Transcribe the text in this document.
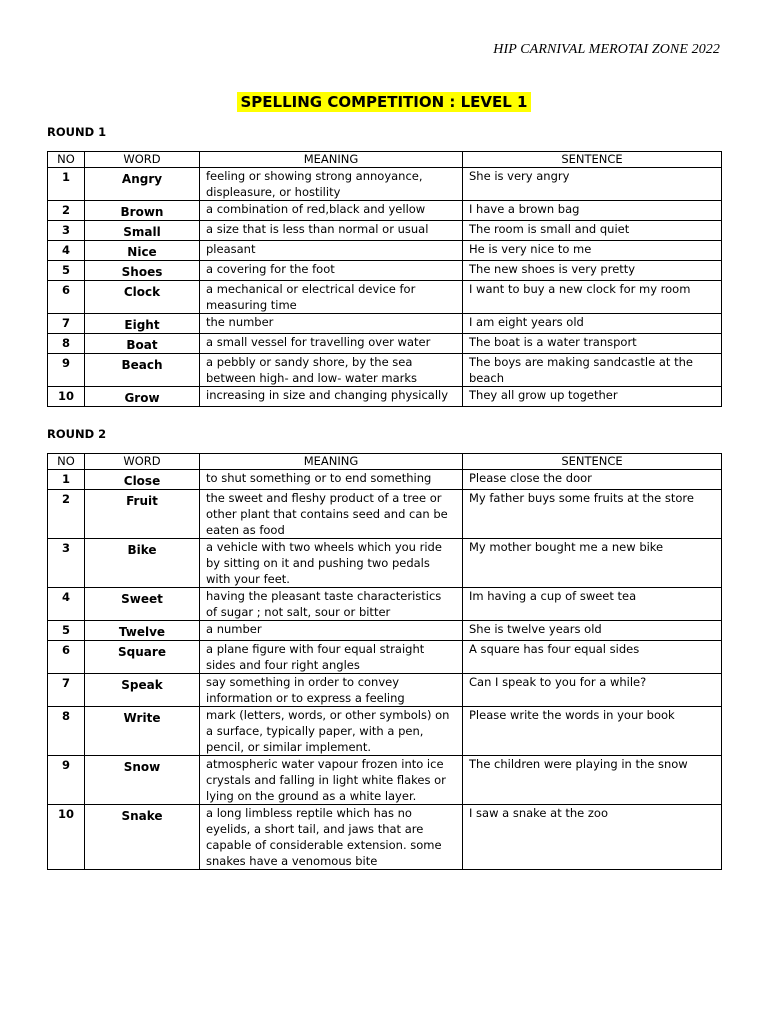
HIP CARNIVAL MEROTAI ZONE 2022
SPELLING COMPETITION : LEVEL 1
ROUND 1
NO	WORD	MEANING	SENTENCE
1	Angry	feeling or showing strong annoyance, displeasure, or hostility	She is very angry
2	Brown	a combination of red,black and yellow	I have a brown bag
3	Small	a size that is less than normal or usual	The room is small and quiet
4	Nice	pleasant	He is very nice to me
5	Shoes	a covering for the foot	The new shoes is very pretty
6	Clock	a mechanical or electrical device for measuring time	I want to buy a new clock for my room
7	Eight	the number	I am eight years old
8	Boat	a small vessel for travelling over water	The boat is a water transport
9	Beach	a pebbly or sandy shore, by the sea between high- and low- water marks	The boys are making sandcastle at the beach
10	Grow	increasing in size and changing physically	They all grow up together
ROUND 2
NO	WORD	MEANING	SENTENCE
1	Close	to shut something or to end something	Please close the door
2	Fruit	the sweet and fleshy product of a tree or other plant that contains seed and can be eaten as food	My father buys some fruits at the store
3	Bike	a vehicle with two wheels which you ride by sitting on it and pushing two pedals with your feet.	My mother bought me a new bike
4	Sweet	having the pleasant taste characteristics of sugar ; not salt, sour or bitter	Im having a cup of sweet tea
5	Twelve	a number	She is twelve years old
6	Square	a plane figure with four equal straight sides and four right angles	A square has four equal sides
7	Speak	say something in order to convey information or to express a feeling	Can I speak to you for a while?
8	Write	mark (letters, words, or other symbols) on a surface, typically paper, with a pen, pencil, or similar implement.	Please write the words in your book
9	Snow	atmospheric water vapour frozen into ice crystals and falling in light white flakes or lying on the ground as a white layer.	The children were playing in the snow
10	Snake	a long limbless reptile which has no eyelids, a short tail, and jaws that are capable of considerable extension. some snakes have a venomous bite	I saw a snake at the zoo
